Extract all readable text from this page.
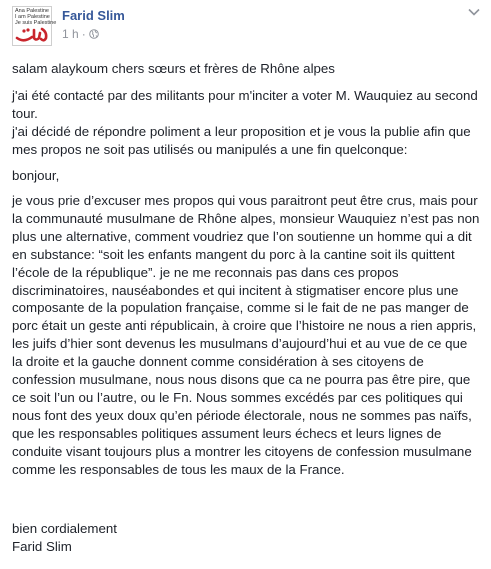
Ana Palestine
I am Palestine
Je suis Palestine Farid Slim
1 h ·

salam alaykoum chers sœurs et frères de Rhône alpes

j'ai été contacté par des militants pour m'inciter a voter M. Wauquiez au second tour.
j'ai décidé de répondre poliment a leur proposition et je vous la publie afin que mes propos ne soit pas utilisés ou manipulés a une fin quelconque:

bonjour,

je vous prie d’excuser mes propos qui vous paraitront peut être crus, mais pour la communauté musulmane de Rhône alpes, monsieur Wauquiez n’est pas non plus une alternative, comment voudriez que l’on soutienne un homme qui a dit en substance: “soit les enfants mangent du porc à la cantine soit ils quittent l’école de la république”. je ne me reconnais pas dans ces propos discriminatoires, nauséabondes et qui incitent à stigmatiser encore plus une composante de la population française, comme si le fait de ne pas manger de porc était un geste anti républicain, à croire que l’histoire ne nous a rien appris, les juifs d’hier sont devenus les musulmans d’aujourd’hui et au vue de ce que la droite et la gauche donnent comme considération à ses citoyens de confession musulmane, nous nous disons que ca ne pourra pas être pire, que ce soit l’un ou l’autre, ou le Fn. Nous sommes excédés par ces politiques qui nous font des yeux doux qu’en période électorale, nous ne sommes pas naïfs, que les responsables politiques assument leurs échecs et leurs lignes de conduite visant toujours plus a montrer les citoyens de confession musulmane comme les responsables de tous les maux de la France.

bien cordialement
Farid Slim
